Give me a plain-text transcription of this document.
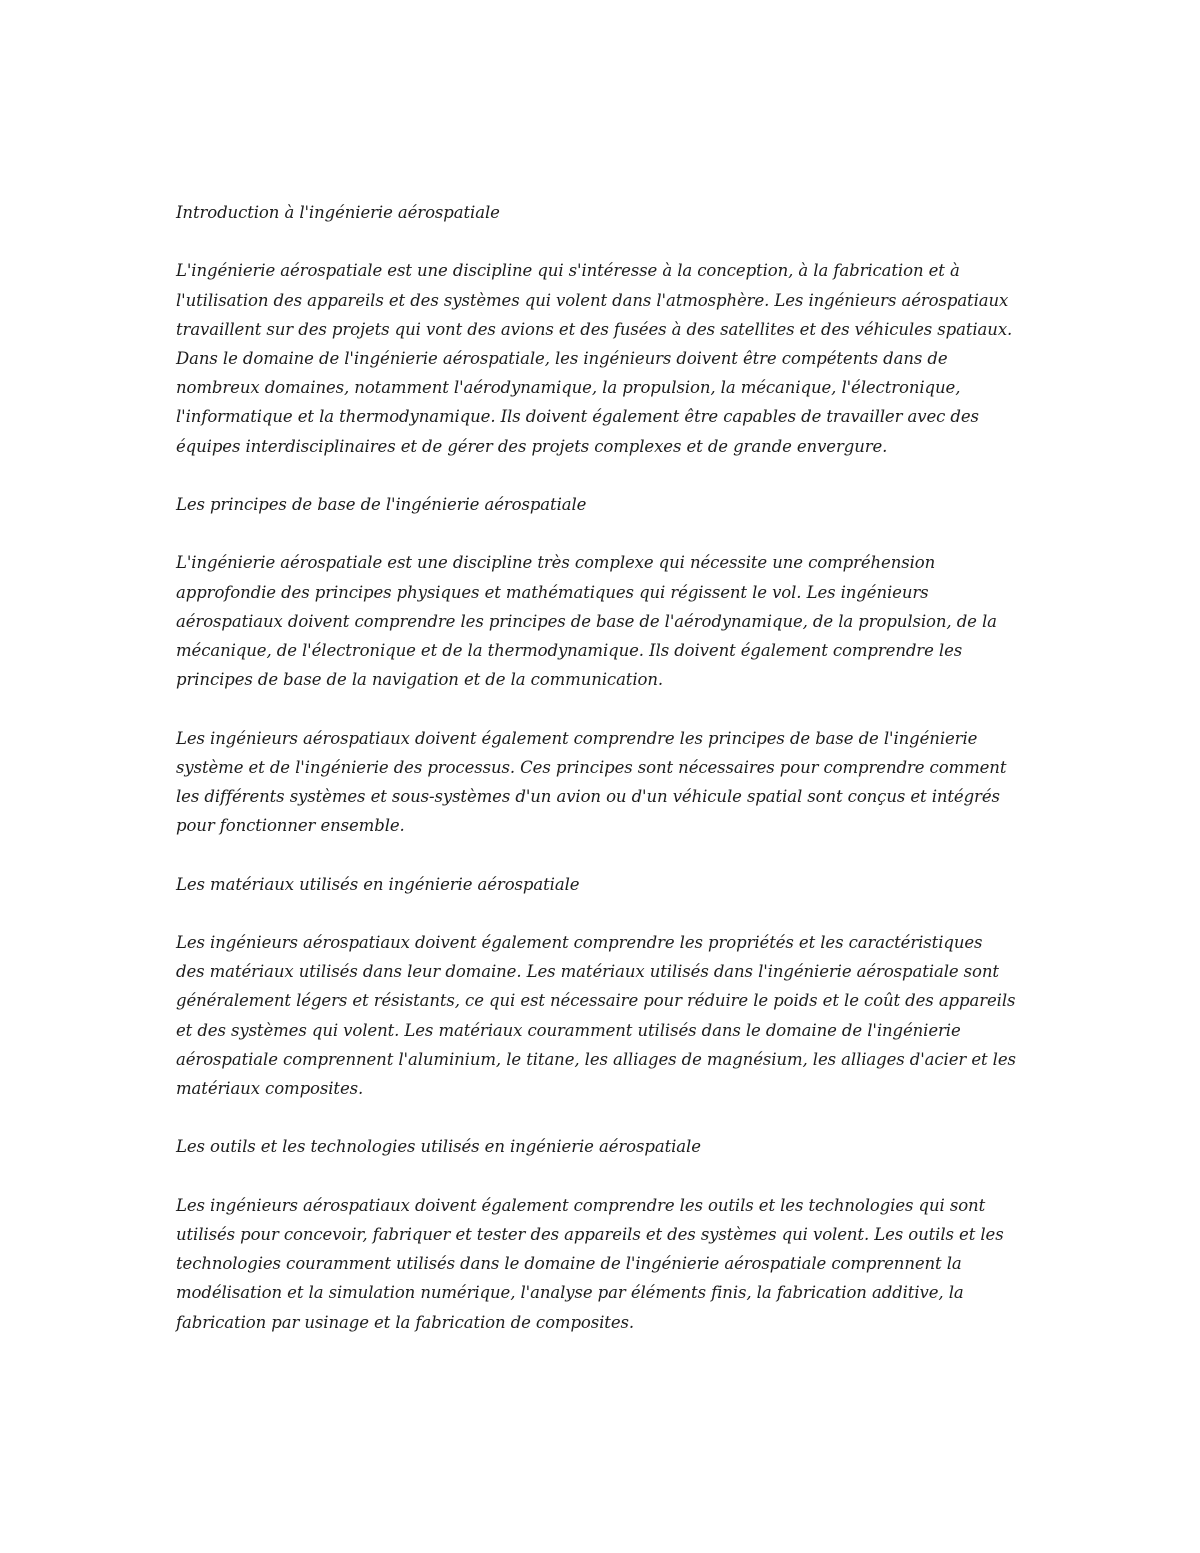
Introduction à l'ingénierie aérospatiale

L'ingénierie aérospatiale est une discipline qui s'intéresse à la conception, à la fabrication et à l'utilisation des appareils et des systèmes qui volent dans l'atmosphère. Les ingénieurs aérospatiaux travaillent sur des projets qui vont des avions et des fusées à des satellites et des véhicules spatiaux. Dans le domaine de l'ingénierie aérospatiale, les ingénieurs doivent être compétents dans de nombreux domaines, notamment l'aérodynamique, la propulsion, la mécanique, l'électronique, l'informatique et la thermodynamique. Ils doivent également être capables de travailler avec des équipes interdisciplinaires et de gérer des projets complexes et de grande envergure.

Les principes de base de l'ingénierie aérospatiale

L'ingénierie aérospatiale est une discipline très complexe qui nécessite une compréhension approfondie des principes physiques et mathématiques qui régissent le vol. Les ingénieurs aérospatiaux doivent comprendre les principes de base de l'aérodynamique, de la propulsion, de la mécanique, de l'électronique et de la thermodynamique. Ils doivent également comprendre les principes de base de la navigation et de la communication.

Les ingénieurs aérospatiaux doivent également comprendre les principes de base de l'ingénierie système et de l'ingénierie des processus. Ces principes sont nécessaires pour comprendre comment les différents systèmes et sous-systèmes d'un avion ou d'un véhicule spatial sont conçus et intégrés pour fonctionner ensemble.

Les matériaux utilisés en ingénierie aérospatiale

Les ingénieurs aérospatiaux doivent également comprendre les propriétés et les caractéristiques des matériaux utilisés dans leur domaine. Les matériaux utilisés dans l'ingénierie aérospatiale sont généralement légers et résistants, ce qui est nécessaire pour réduire le poids et le coût des appareils et des systèmes qui volent. Les matériaux couramment utilisés dans le domaine de l'ingénierie aérospatiale comprennent l'aluminium, le titane, les alliages de magnésium, les alliages d'acier et les matériaux composites.

Les outils et les technologies utilisés en ingénierie aérospatiale

Les ingénieurs aérospatiaux doivent également comprendre les outils et les technologies qui sont utilisés pour concevoir, fabriquer et tester des appareils et des systèmes qui volent. Les outils et les technologies couramment utilisés dans le domaine de l'ingénierie aérospatiale comprennent la modélisation et la simulation numérique, l'analyse par éléments finis, la fabrication additive, la fabrication par usinage et la fabrication de composites.
